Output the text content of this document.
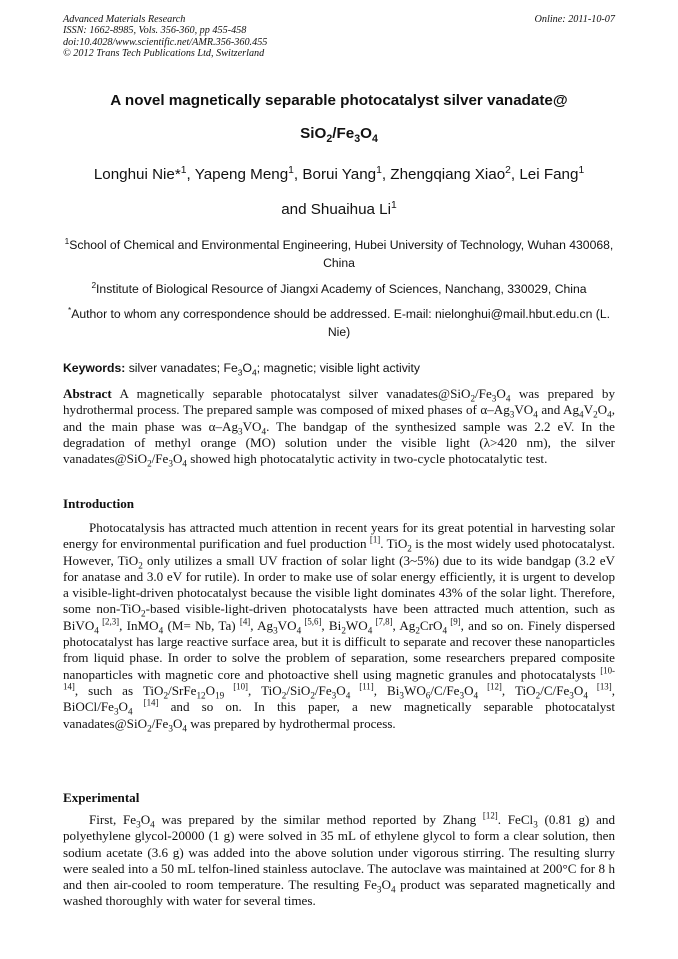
Advanced Materials Research
ISSN: 1662-8985, Vols. 356-360, pp 455-458
doi:10.4028/www.scientific.net/AMR.356-360.455
© 2012 Trans Tech Publications Ltd, Switzerland
Online: 2011-10-07
A novel magnetically separable photocatalyst silver vanadate@
$SiO_2/Fe_3O_4$
Longhui Nie*$^1$, Yapeng Meng$^1$, Borui Yang$^1$, Zhengqiang Xiao$^2$, Lei Fang$^1$
and Shuaihua Li$^1$
$^1$School of Chemical and Environmental Engineering, Hubei University of Technology, Wuhan 430068, China
$^2$Institute of Biological Resource of Jiangxi Academy of Sciences, Nanchang, 330029, China
*Author to whom any correspondence should be addressed. E-mail: nielonghui@mail.hbut.edu.cn (L. Nie)
Keywords: silver vanadates; $Fe_3O_4$; magnetic; visible light activity
Abstract A magnetically separable photocatalyst silver $vanadates@SiO_2/Fe_3O_4$ was prepared by hydrothermal process. The prepared sample was composed of mixed phases of $\alpha-Ag_3VO_4$ and $Ag_4V_2O_4$, and the main phase was $\alpha-Ag_3VO_4$. The bandgap of the synthesized sample was 2.2 eV. In the degradation of methyl orange (MO) solution under the visible light (λ>420 nm), the silver $vanadates@SiO_2/Fe_3O_4$ showed high photocatalytic activity in two-cycle photocatalytic test.
Introduction
Photocatalysis has attracted much attention in recent years for its great potential in harvesting solar energy for environmental purification and fuel production [1]. TiO$_2$ is the most widely used photocatalyst. However, TiO$_2$ only utilizes a small UV fraction of solar light (3~5%) due to its wide bandgap (3.2 eV for anatase and 3.0 eV for rutile). In order to make use of solar energy efficiently, it is urgent to develop a visible-light-driven photocatalyst because the visible light dominates 43% of the solar light. Therefore, some non-TiO$_2$-based visible-light-driven photocatalysts have been attracted much attention, such as BiVO$_4$ [2,3], InMO$_4$ (M= Nb, Ta) [4], $Ag_3VO_4$ [5,6], $Bi_2WO_4$ [7,8], $Ag_2CrO_4$ [9], and so on. Finely dispersed photocatalyst has large reactive surface area, but it is difficult to separate and recover these nanoparticles from liquid phase. In order to solve the problem of separation, some researchers prepared composite nanoparticles with magnetic core and photoactive shell using magnetic granules and photocatalysts [10-14], such as $TiO_2/SrFe_{12}O_{19}$ [10], $TiO_2/SiO_2/Fe_3O_4$ [11], $Bi_3WO_6/C/Fe_3O_4$ [12], $TiO_2/C/Fe_3O_4$ [13], BiOCl/$Fe_3O_4$ [14] and so on. In this paper, a new magnetically separable photocatalyst $vanadates@SiO_2/Fe_3O_4$ was prepared by hydrothermal process.
Experimental
First, $Fe_3O_4$ was prepared by the similar method reported by Zhang [12]. FeCl$_3$ (0.81 g) and polyethylene glycol-20000 (1 g) were solved in 35 mL of ethylene glycol to form a clear solution, then sodium acetate (3.6 g) was added into the above solution under vigorous stirring. The resulting slurry were sealed into a 50 mL telfon-lined stainless autoclave. The autoclave was maintained at 200°C for 8 h and then air-cooled to room temperature. The resulting $Fe_3O_4$ product was separated magnetically and washed thoroughly with water for several times.
